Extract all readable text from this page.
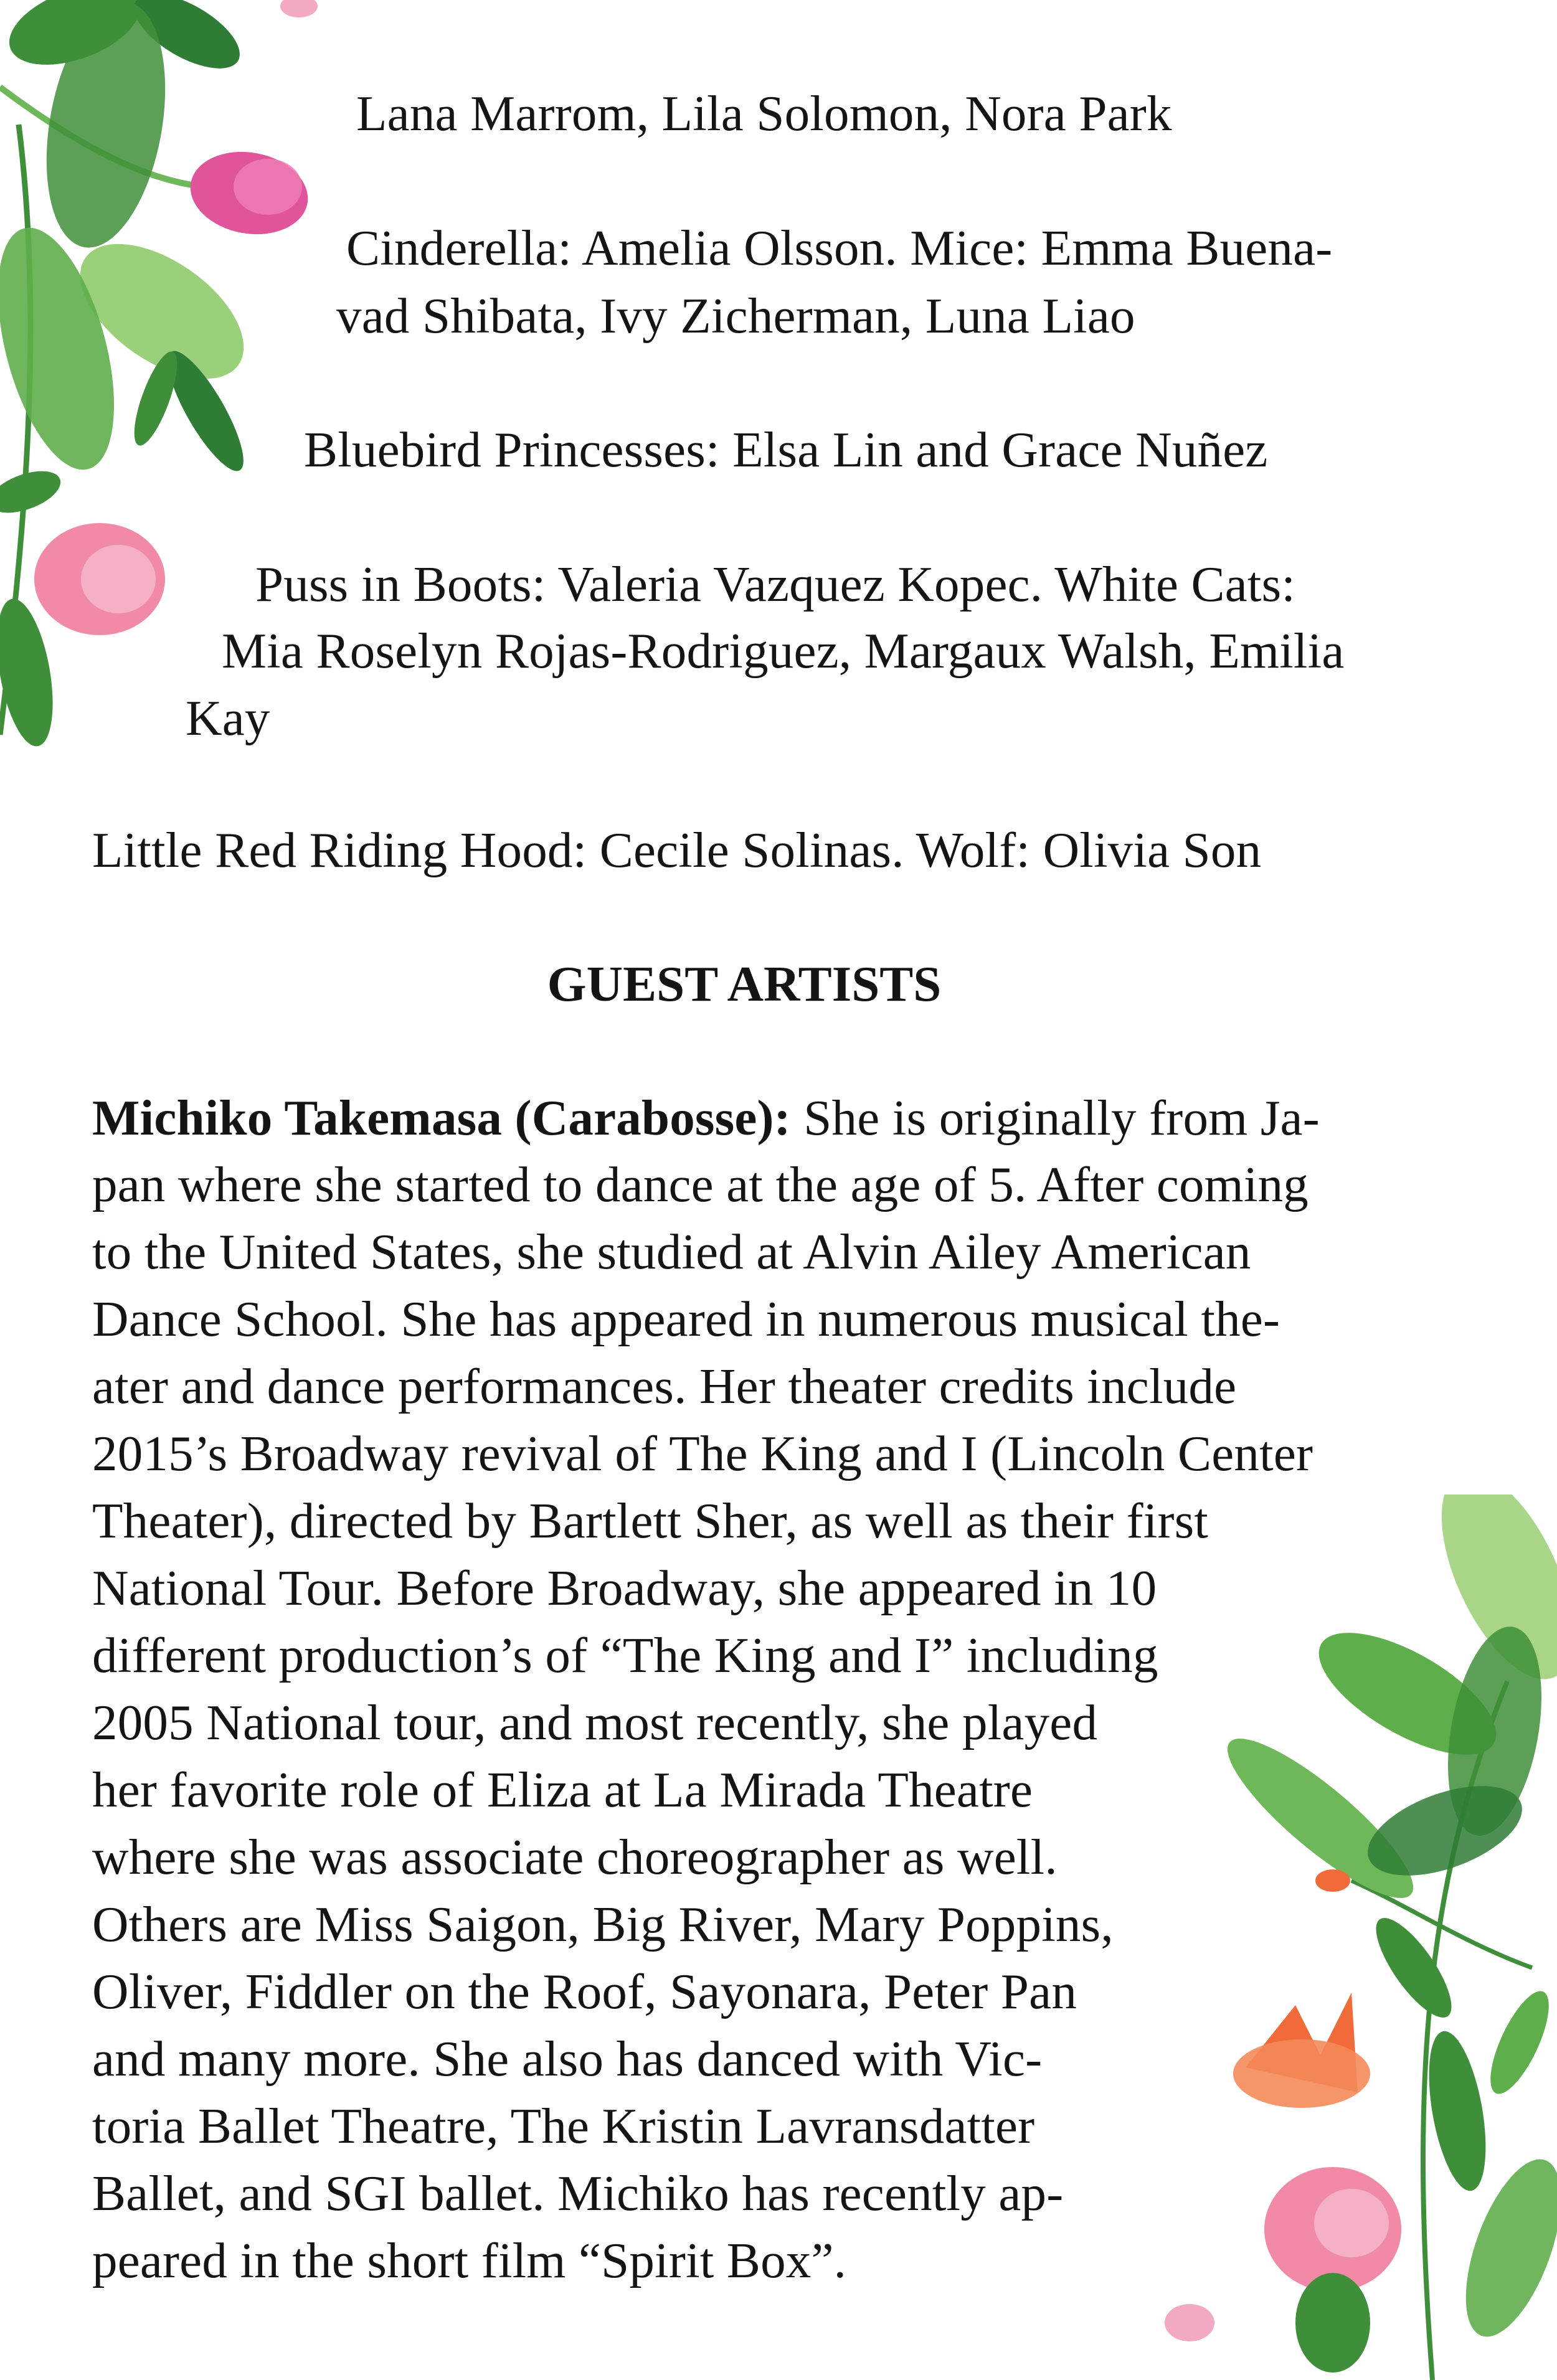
Lana Marrom, Lila Solomon, Nora Park
Cinderella: Amelia Olsson. Mice: Emma Buena-
vad Shibata, Ivy Zicherman, Luna Liao
Bluebird Princesses: Elsa Lin and Grace Nuñez
Puss in Boots: Valeria Vazquez Kopec. White Cats:
Mia Roselyn Rojas-Rodriguez, Margaux Walsh, Emilia
Kay
Little Red Riding Hood: Cecile Solinas. Wolf: Olivia Son
GUEST ARTISTS
Michiko Takemasa (Carabosse): She is originally from Ja-
pan where she started to dance at the age of 5. After coming
to the United States, she studied at Alvin Ailey American
Dance School. She has appeared in numerous musical the-
ater and dance performances. Her theater credits include
2015’s Broadway revival of The King and I (Lincoln Center
Theater), directed by Bartlett Sher, as well as their first
National Tour. Before Broadway, she appeared in 10
different production’s of “The King and I” including
2005 National tour, and most recently, she played
her favorite role of Eliza at La Mirada Theatre
where she was associate choreographer as well.
Others are Miss Saigon, Big River, Mary Poppins,
Oliver, Fiddler on the Roof, Sayonara, Peter Pan
and many more. She also has danced with Vic-
toria Ballet Theatre, The Kristin Lavransdatter
Ballet, and SGI ballet. Michiko has recently ap-
peared in the short film “Spirit Box”.
